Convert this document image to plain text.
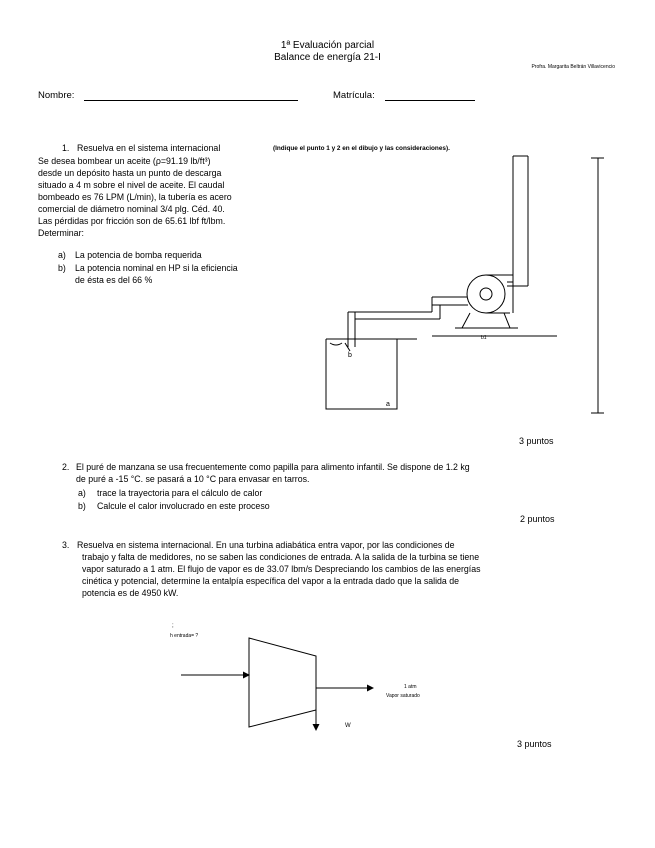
1ª Evaluación parcial
Balance de energía 21-I
Profra. Margarita Beltrán Villavicencio
Nombre:	Matrícula:
1. Resuelva en el sistema internacional	(Indique el punto 1 y 2 en el dibujo y las consideraciones).
Se desea bombear un aceite (ρ=91.19 lb/ft³)
desde un depósito hasta un punto de descarga
situado a 4 m sobre el nivel de aceite. El caudal
bombeado es 76 LPM (L/min), la tubería es acero
comercial de diámetro nominal 3/4 plg. Céd. 40.
Las pérdidas por fricción son de 65.61 lbf ft/lbm.
Determinar:
a) La potencia de bomba requerida
b) La potencia nominal en HP si la eficiencia
de ésta es del 66 %
b
a
b1
3 puntos
2. El puré de manzana se usa frecuentemente como papilla para alimento infantil. Se dispone de 1.2 kg
de puré a -15 °C. se pasará a 10 °C para envasar en tarros.
a) trace la trayectoria para el cálculo de calor
b) Calcule el calor involucrado en este proceso
2 puntos
3. Resuelva en sistema internacional. En una turbina adiabática entra vapor, por las condiciones de
trabajo y falta de medidores, no se saben las condiciones de entrada. A la salida de la turbina se tiene
vapor saturado a 1 atm. El flujo de vapor es de 33.07 lbm/s Despreciando los cambios de las energías
cinética y potencial, determine la entalpía específica del vapor a la entrada dado que la salida de
potencia es de 4950 kW.
;
h entrada= ?
1 atm
Vapor saturado
W
3 puntos
